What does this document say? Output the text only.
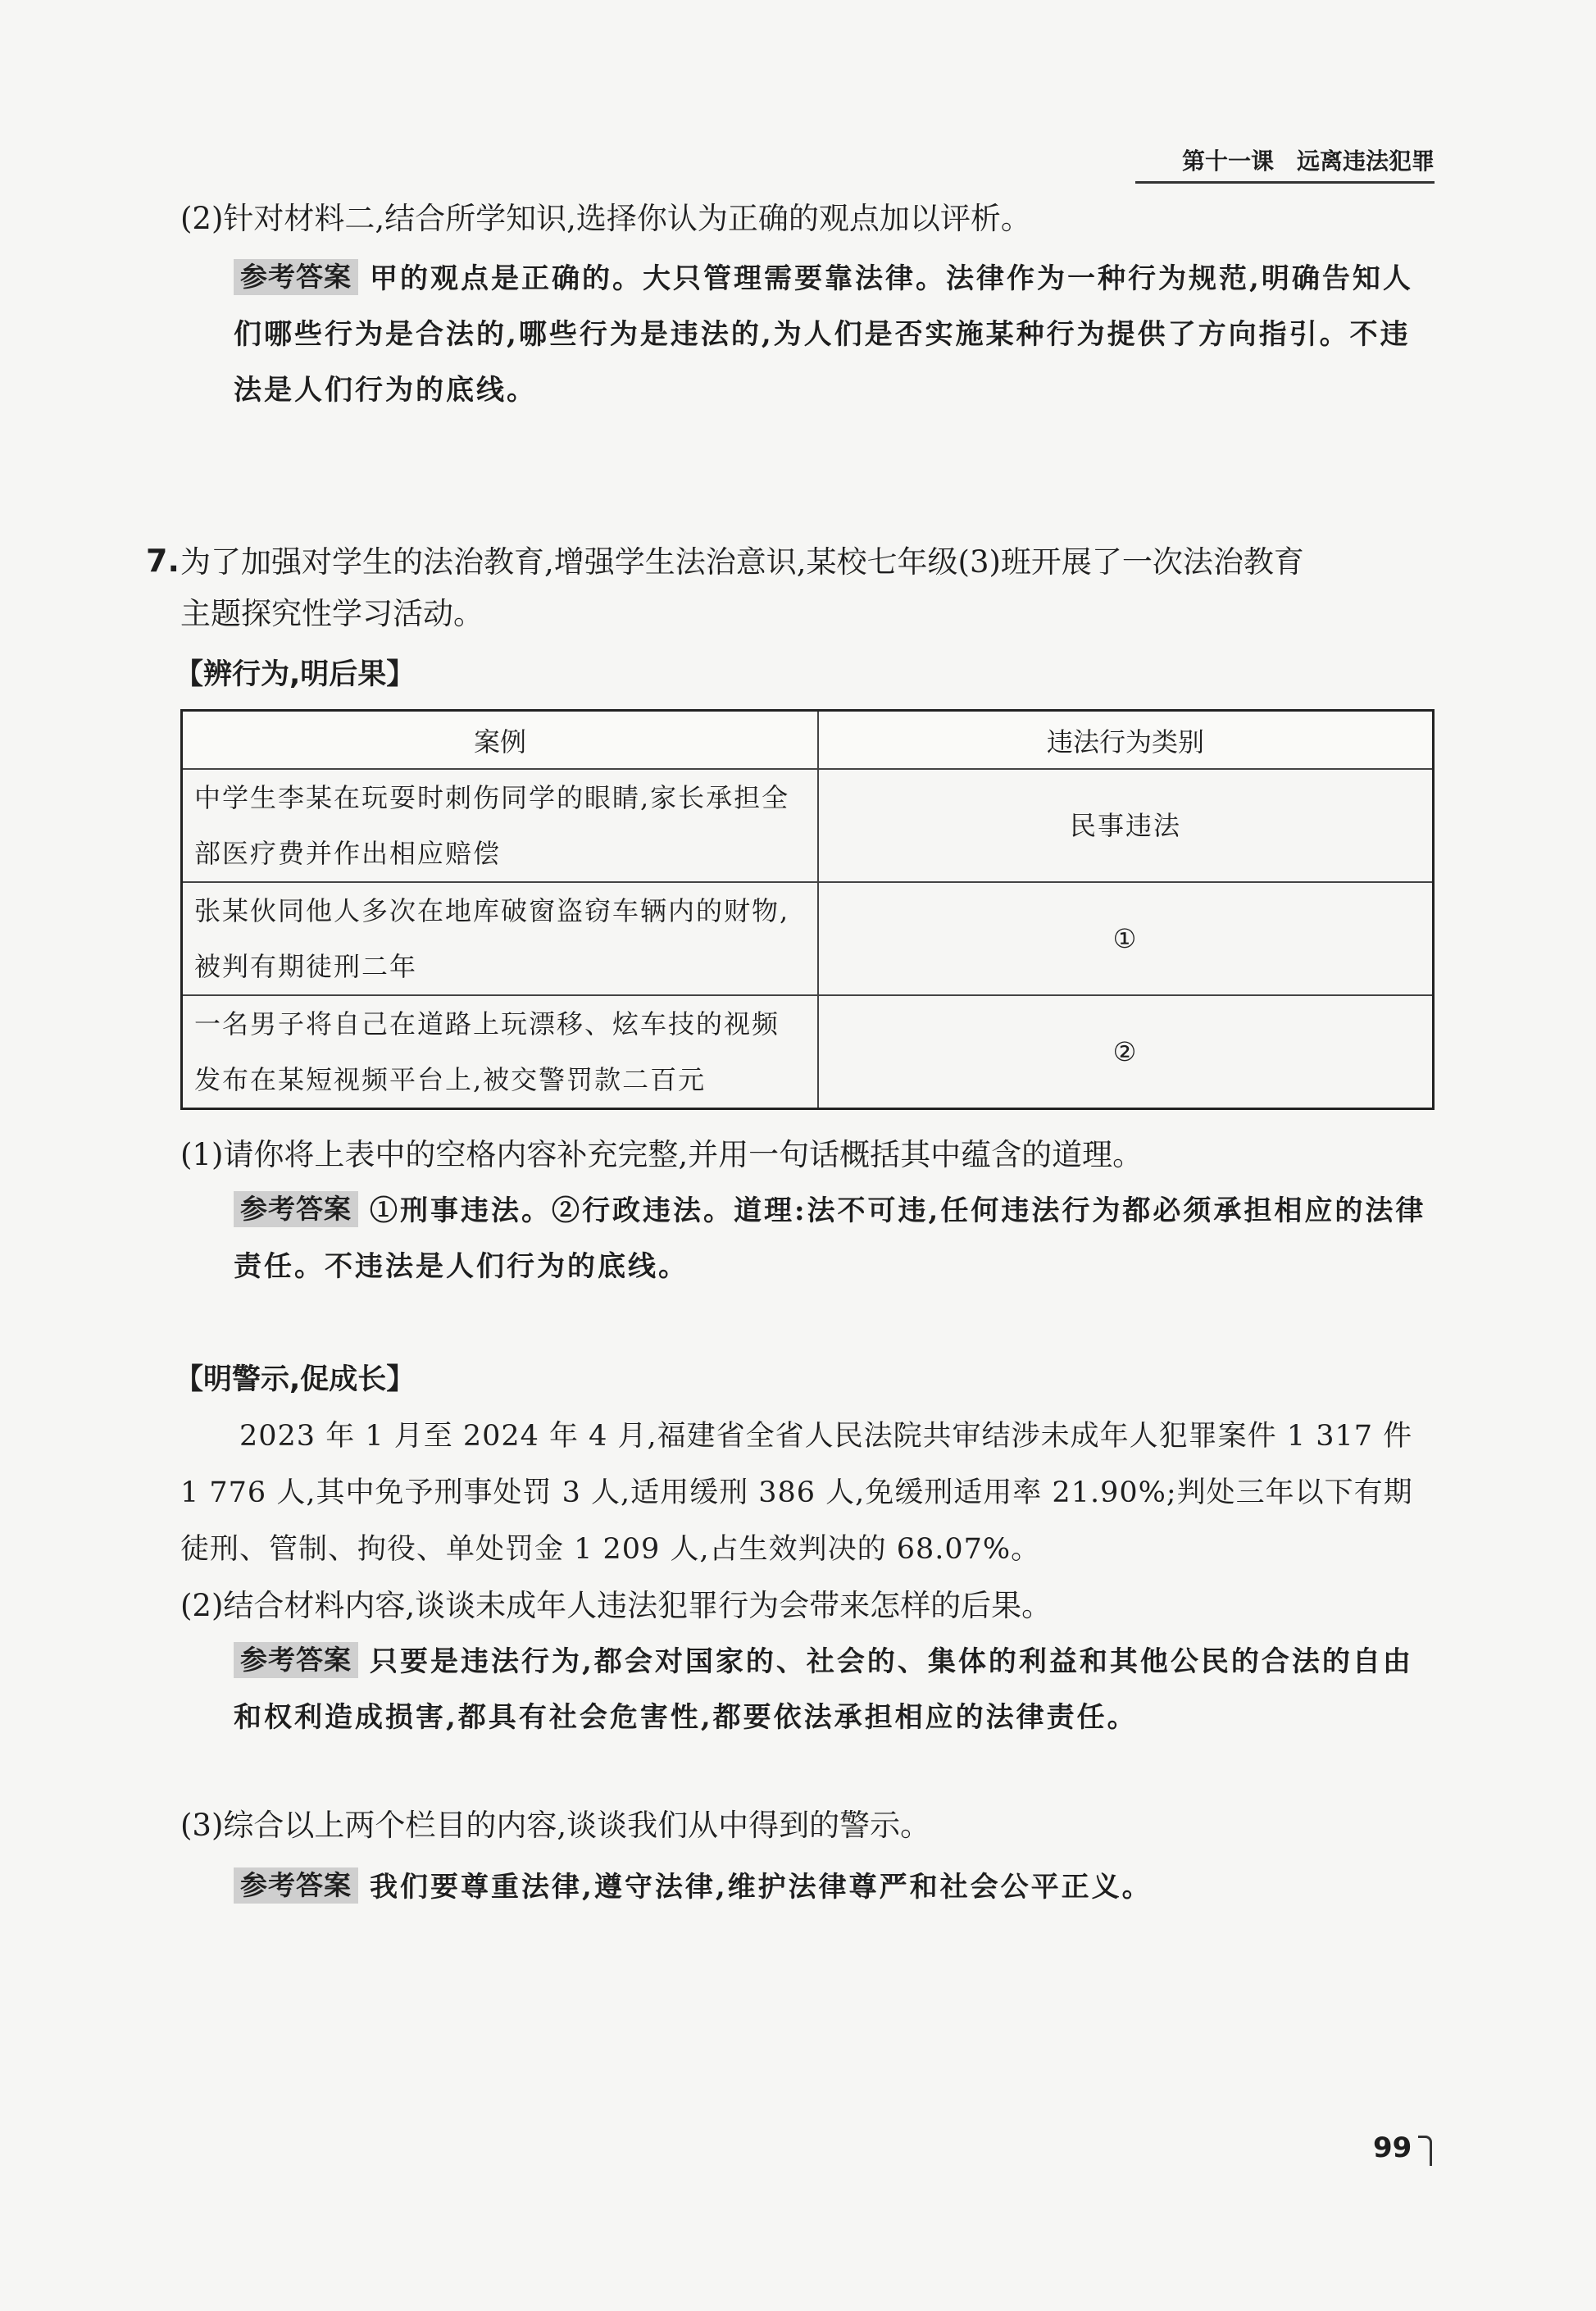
第十一课　远离违法犯罪
(2)针对材料二,结合所学知识,选择你认为正确的观点加以评析。
参考答案 甲的观点是正确的。大只管理需要靠法律。法律作为一种行为规范,明确告知人们哪些行为是合法的,哪些行为是违法的,为人们是否实施某种行为提供了方向指引。不违法是人们行为的底线。
7. 为了加强对学生的法治教育,增强学生法治意识,某校七年级(3)班开展了一次法治教育
主题探究性学习活动。
【辨行为,明后果】
案例	违法行为类别
中学生李某在玩耍时刺伤同学的眼睛,家长承担全部医疗费并作出相应赔偿	民事违法
张某伙同他人多次在地库破窗盗窃车辆内的财物,被判有期徒刑二年	①
一名男子将自己在道路上玩漂移、炫车技的视频发布在某短视频平台上,被交警罚款二百元	②
(1)请你将上表中的空格内容补充完整,并用一句话概括其中蕴含的道理。
参考答案 ①刑事违法。②行政违法。道理:法不可违,任何违法行为都必须承担相应的法律责任。不违法是人们行为的底线。
【明警示,促成长】
　　2023 年 1 月至 2024 年 4 月,福建省全省人民法院共审结涉未成年人犯罪案件 1 317 件 1 776 人,其中免予刑事处罚 3 人,适用缓刑 386 人,免缓刑适用率 21.90%;判处三年以下有期徒刑、管制、拘役、单处罚金 1 209 人,占生效判决的 68.07%。
(2)结合材料内容,谈谈未成年人违法犯罪行为会带来怎样的后果。
参考答案 只要是违法行为,都会对国家的、社会的、集体的利益和其他公民的合法的自由和权利造成损害,都具有社会危害性,都要依法承担相应的法律责任。
(3)综合以上两个栏目的内容,谈谈我们从中得到的警示。
参考答案 我们要尊重法律,遵守法律,维护法律尊严和社会公平正义。
99
